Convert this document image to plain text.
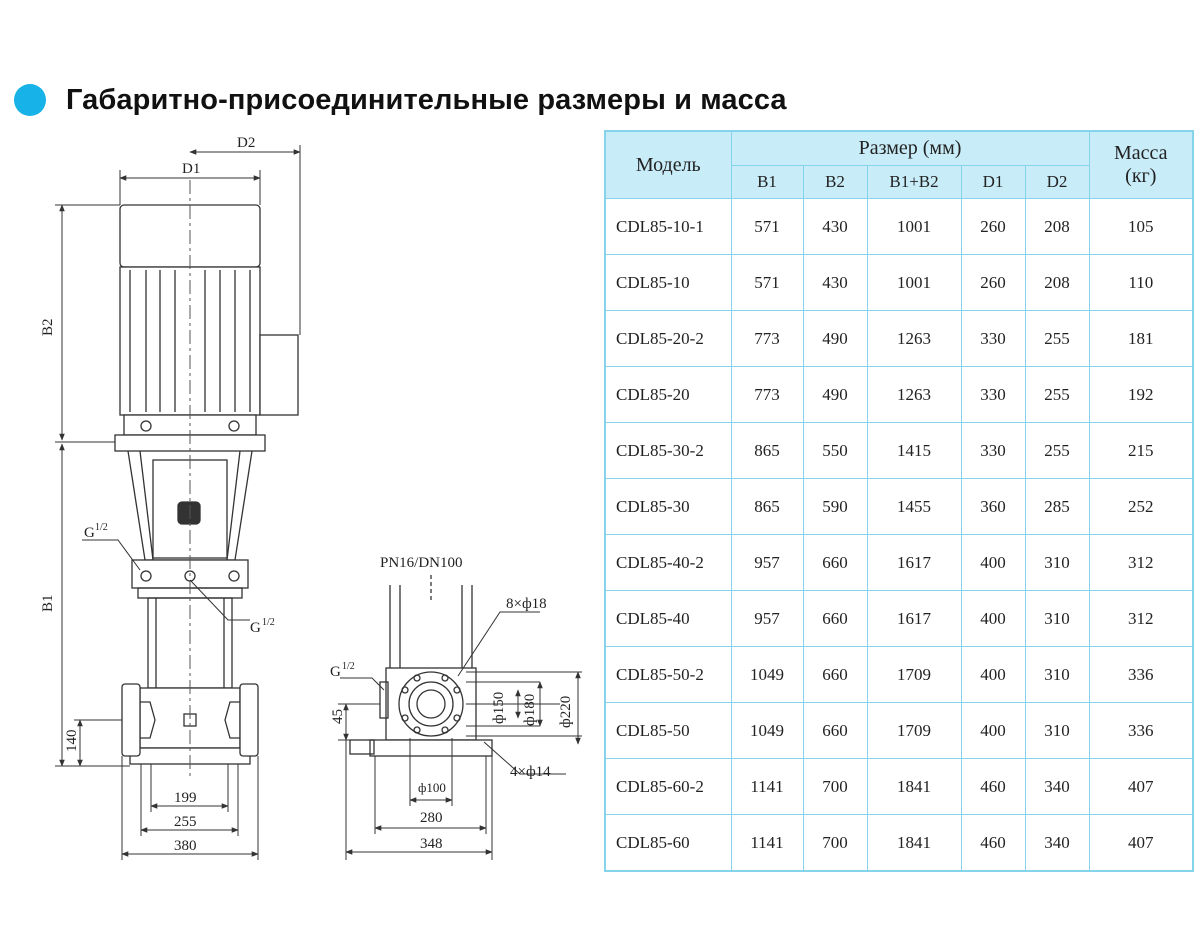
Габаритно-присоединительные размеры и масса
D2
D1
B2
B1
G 1/2
G 1/2
140
199
255
380
PN16/DN100
8×ф18
4×ф14
G 1/2
45	ф150 ф180 ф220
ф100
280
348
Модель	Размер (мм)					Масса
(кг)
	B1	B2	B1+B2	D1	D2	
CDL85-10-1	571	430	1001	260	208	105
CDL85-10	571	430	1001	260	208	110
CDL85-20-2	773	490	1263	330	255	181
CDL85-20	773	490	1263	330	255	192
CDL85-30-2	865	550	1415	330	255	215
CDL85-30	865	590	1455	360	285	252
CDL85-40-2	957	660	1617	400	310	312
CDL85-40	957	660	1617	400	310	312
CDL85-50-2	1049	660	1709	400	310	336
CDL85-50	1049	660	1709	400	310	336
CDL85-60-2	1141	700	1841	460	340	407
CDL85-60	1141	700	1841	460	340	407
